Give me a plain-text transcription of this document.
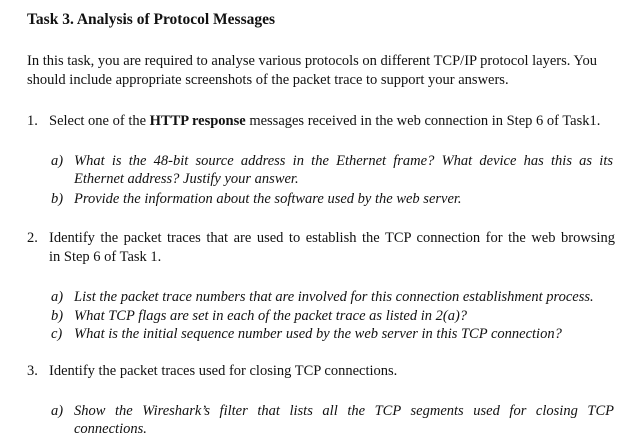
Task 3. Analysis of Protocol Messages
In this task, you are required to analyse various protocols on different TCP/IP protocol layers. You
should include appropriate screenshots of the packet trace to support your answers.
1. Select one of the HTTP response messages received in the web connection in Step 6 of Task1.
a) What is the 48-bit source address in the Ethernet frame? What device has this as its
Ethernet address? Justify your answer.
b) Provide the information about the software used by the web server.
2. Identify the packet traces that are used to establish the TCP connection for the web browsing
in Step 6 of Task 1.
a) List the packet trace numbers that are involved for this connection establishment process.
b) What TCP flags are set in each of the packet trace as listed in 2(a)?
c) What is the initial sequence number used by the web server in this TCP connection?
3. Identify the packet traces used for closing TCP connections.
a) Show the Wireshark’s filter that lists all the TCP segments used for closing TCP
connections.
